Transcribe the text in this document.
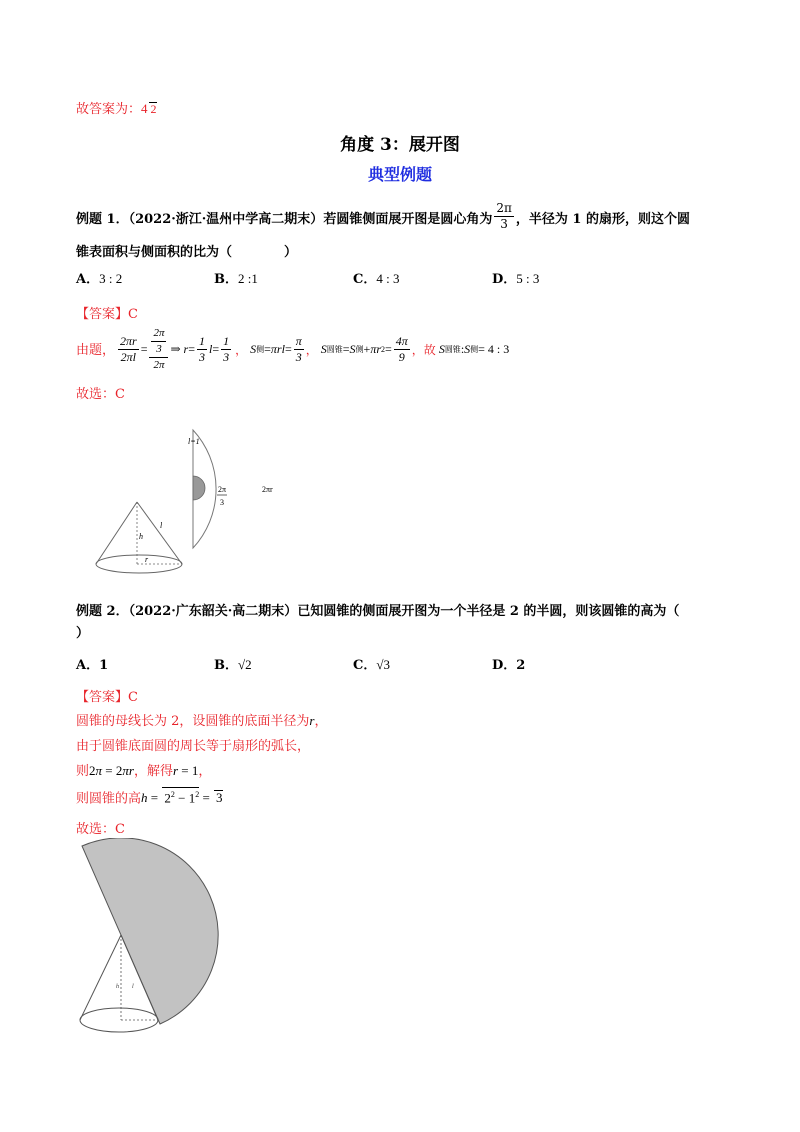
故答案为：4 2
角度 3：展开图
典型例题
例题 1．（2022·浙江·温州中学高二期末）若圆锥侧面展开图是圆心角为 $\frac{2\pi}{3}$ ，半径为 1 的扇形，则这个圆
锥表面积与侧面积的比为（　　　　）
A．3 : 2	B．2 :1	C．4 : 3	D．5 : 3
【答案】C
由题， $\frac{2\pi r}{2\pi l} = \frac{\frac{2\pi}{3}}{2\pi}$ ⇒ $r = \frac{1}{3}$ $l = \frac{1}{3}$ ， S 侧 = $\pi rl = \frac{\pi}{3}$ ， S 圆锥 = S 侧 + πr $2 = \frac{4\pi}{9}$ ，故 S 圆锥 : S 侧 = 4 : 3
故选：C
l=1
2π
3
2πr
h
l
r
例题 2．（2022·广东韶关·高二期末）已知圆锥的侧面展开图为一个半径是 2 的半圆，则该圆锥的高为（
）
A．1	B．√2	C．√3	D．2
【答案】C
圆锥的母线长为 2，设圆锥的底面半径为r，
由于圆锥底面圆的周长等于扇形的弧长，
则2π = 2πr，解得r = 1，
则圆锥的高$h = 2^2 - 1^2 = 3$
故选：C
h l
